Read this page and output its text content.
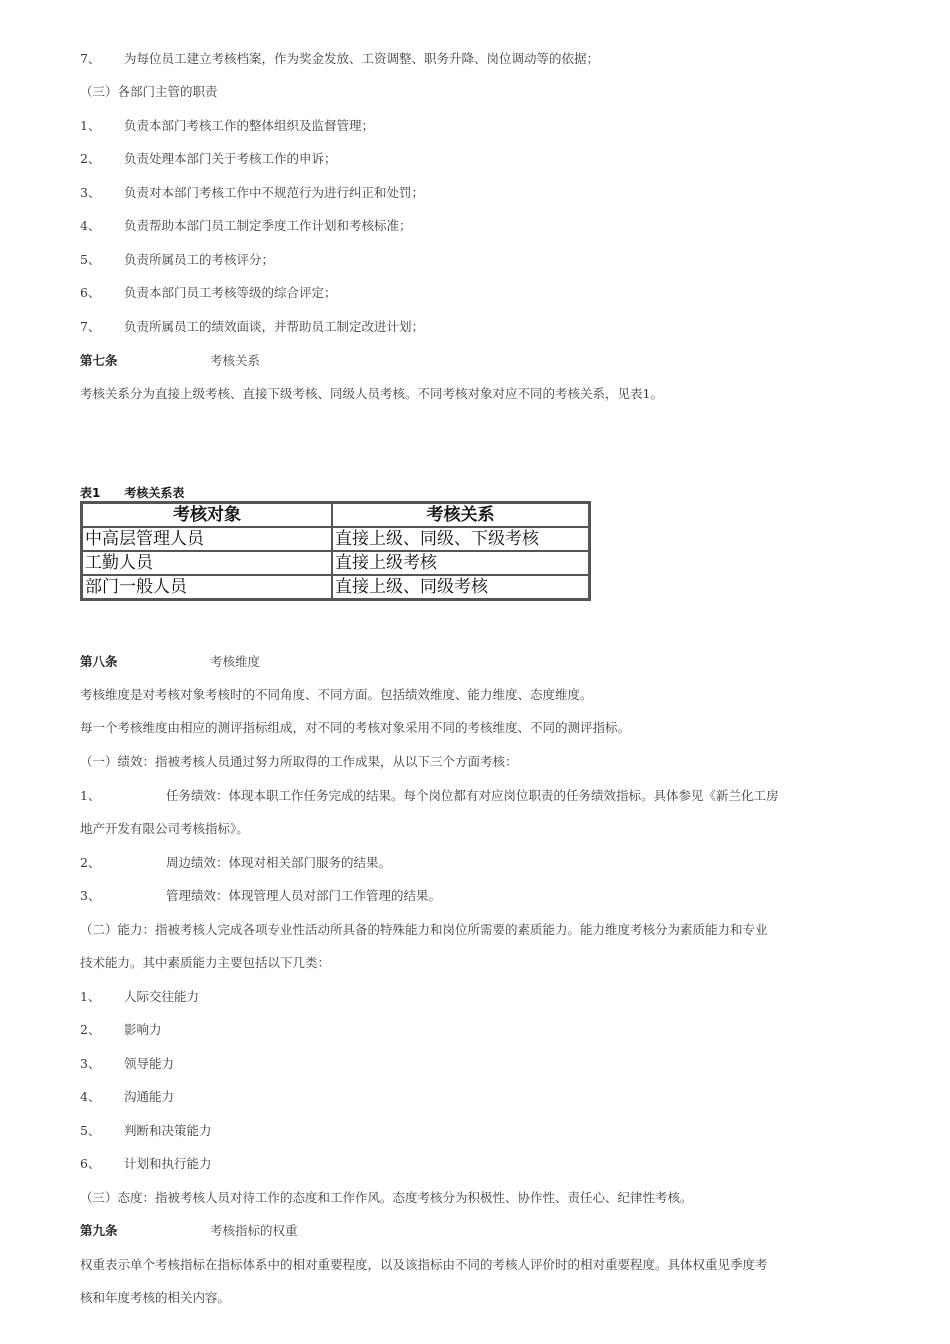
7、 为每位员工建立考核档案，作为奖金发放、工资调整、职务升降、岗位调动等的依据；
（三）各部门主管的职责
1、 负责本部门考核工作的整体组织及监督管理；
2、 负责处理本部门关于考核工作的申诉；
3、 负责对本部门考核工作中不规范行为进行纠正和处罚；
4、 负责帮助本部门员工制定季度工作计划和考核标准；
5、 负责所属员工的考核评分；
6、 负责本部门员工考核等级的综合评定；
7、 负责所属员工的绩效面谈，并帮助员工制定改进计划；
第七条	考核关系
考核关系分为直接上级考核、直接下级考核、同级人员考核。不同考核对象对应不同的考核关系，见表1。
表1 考核关系表
考核对象	考核关系
中高层管理人员	直接上级、同级、下级考核
工勤人员	直接上级考核
部门一般人员	直接上级、同级考核
第八条	考核维度
考核维度是对考核对象考核时的不同角度、不同方面。包括绩效维度、能力维度、态度维度。
每一个考核维度由相应的测评指标组成，对不同的考核对象采用不同的考核维度、不同的测评指标。
（一）绩效：指被考核人员通过努力所取得的工作成果，从以下三个方面考核：
1、	任务绩效：体现本职工作任务完成的结果。每个岗位都有对应岗位职责的任务绩效指标。具体参见《新兰化工房
地产开发有限公司考核指标》。
2、	周边绩效：体现对相关部门服务的结果。
3、	管理绩效：体现管理人员对部门工作管理的结果。
（二）能力：指被考核人完成各项专业性活动所具备的特殊能力和岗位所需要的素质能力。能力维度考核分为素质能力和专业
技术能力。其中素质能力主要包括以下几类：
1、 人际交往能力
2、 影响力
3、 领导能力
4、 沟通能力
5、 判断和决策能力
6、 计划和执行能力
（三）态度：指被考核人员对待工作的态度和工作作风。态度考核分为积极性、协作性、责任心、纪律性考核。
第九条	考核指标的权重
权重表示单个考核指标在指标体系中的相对重要程度，以及该指标由不同的考核人评价时的相对重要程度。具体权重见季度考
核和年度考核的相关内容。
